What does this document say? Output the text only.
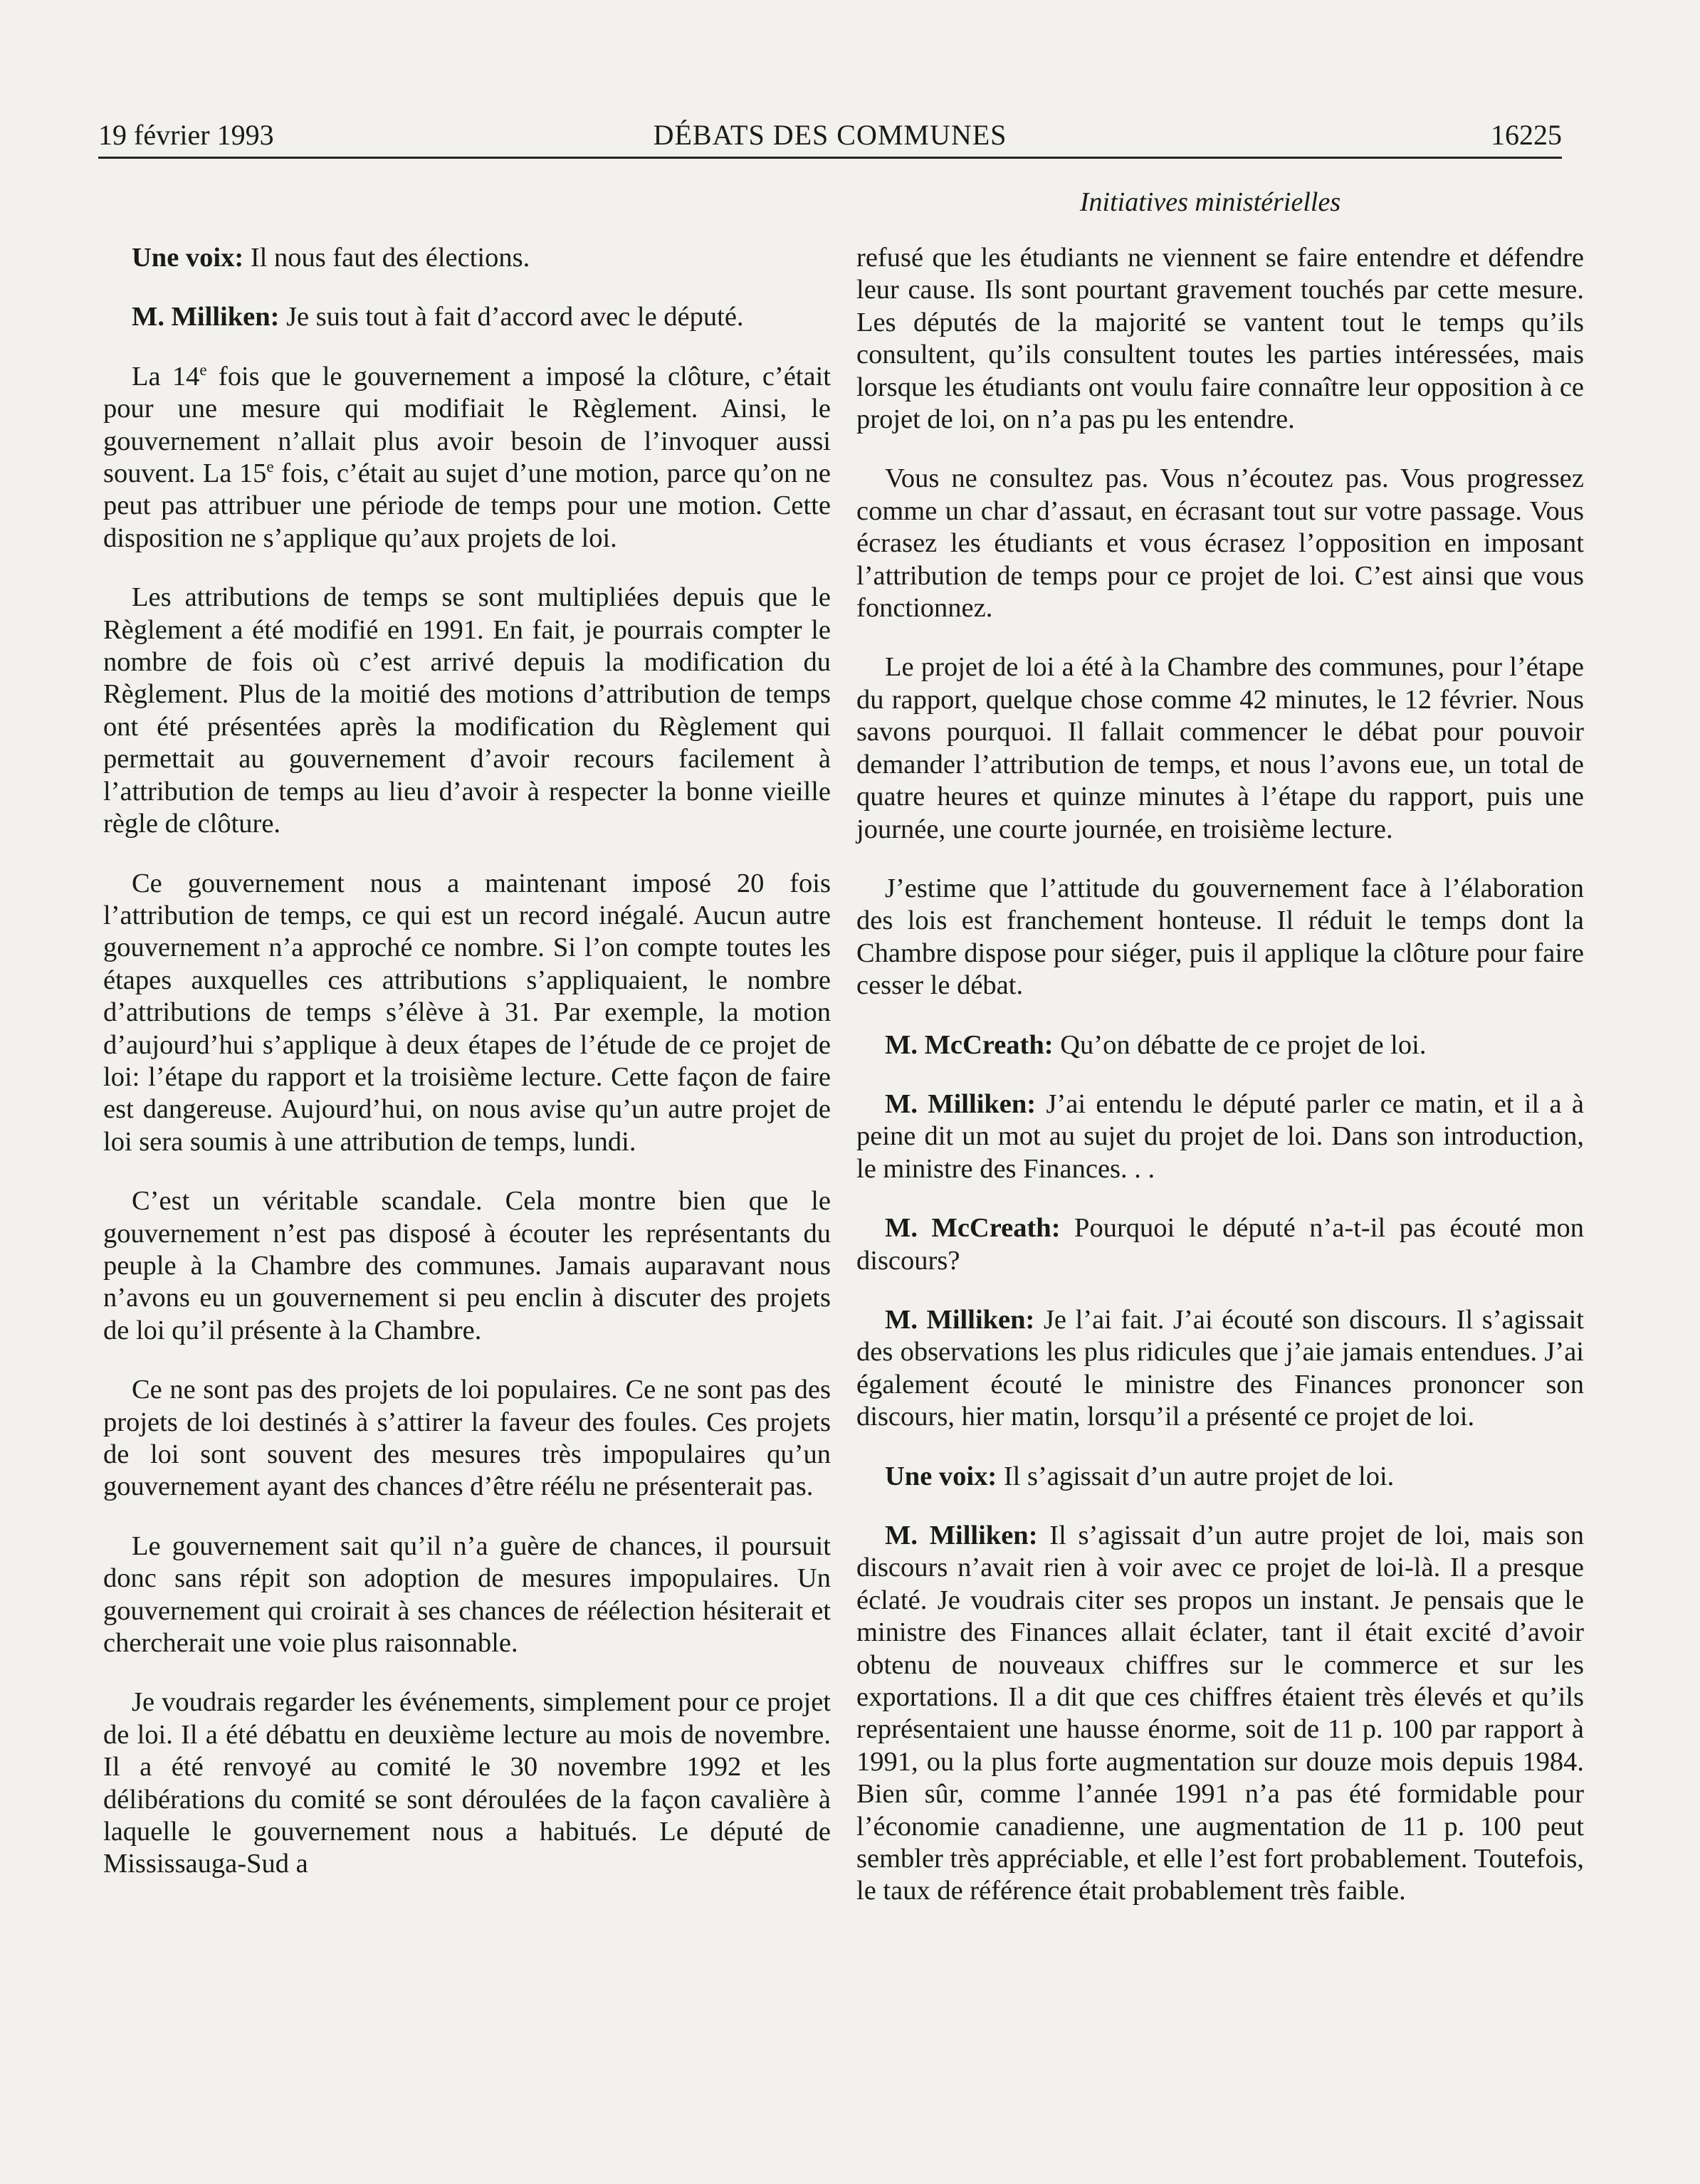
19 février 1993	DÉBATS DES COMMUNES	16225
Initiatives ministérielles

Une voix: Il nous faut des élections.

M. Milliken: Je suis tout à fait d’accord avec le député.

La 14e fois que le gouvernement a imposé la clôture, c’était pour une mesure qui modifiait le Règlement. Ainsi, le gouvernement n’allait plus avoir besoin de l’invoquer aussi souvent. La 15e fois, c’était au sujet d’une motion, parce qu’on ne peut pas attribuer une période de temps pour une motion. Cette disposition ne s’applique qu’aux projets de loi.

Les attributions de temps se sont multipliées depuis que le Règlement a été modifié en 1991. En fait, je pourrais compter le nombre de fois où c’est arrivé depuis la modification du Règlement. Plus de la moitié des motions d’attribution de temps ont été présentées après la modification du Règlement qui permettait au gouvernement d’avoir recours facilement à l’attribution de temps au lieu d’avoir à respecter la bonne vieille règle de clôture.

Ce gouvernement nous a maintenant imposé 20 fois l’attribution de temps, ce qui est un record inégalé. Aucun autre gouvernement n’a approché ce nombre. Si l’on compte toutes les étapes auxquelles ces attributions s’appliquaient, le nombre d’attributions de temps s’élève à 31. Par exemple, la motion d’aujourd’hui s’applique à deux étapes de l’étude de ce projet de loi: l’étape du rapport et la troisième lecture. Cette façon de faire est dangereuse. Aujourd’hui, on nous avise qu’un autre projet de loi sera soumis à une attribution de temps, lundi.

C’est un véritable scandale. Cela montre bien que le gouvernement n’est pas disposé à écouter les représentants du peuple à la Chambre des communes. Jamais auparavant nous n’avons eu un gouvernement si peu enclin à discuter des projets de loi qu’il présente à la Chambre.

Ce ne sont pas des projets de loi populaires. Ce ne sont pas des projets de loi destinés à s’attirer la faveur des foules. Ces projets de loi sont souvent des mesures très impopulaires qu’un gouvernement ayant des chances d’être réélu ne présenterait pas.

Le gouvernement sait qu’il n’a guère de chances, il poursuit donc sans répit son adoption de mesures impopulaires. Un gouvernement qui croirait à ses chances de réélection hésiterait et chercherait une voie plus raisonnable.

Je voudrais regarder les événements, simplement pour ce projet de loi. Il a été débattu en deuxième lecture au mois de novembre. Il a été renvoyé au comité le 30 novembre 1992 et les délibérations du comité se sont déroulées de la façon cavalière à laquelle le gouvernement nous a habitués. Le député de Mississauga-Sud a

refusé que les étudiants ne viennent se faire entendre et défendre leur cause. Ils sont pourtant gravement touchés par cette mesure. Les députés de la majorité se vantent tout le temps qu’ils consultent, qu’ils consultent toutes les parties intéressées, mais lorsque les étudiants ont voulu faire connaître leur opposition à ce projet de loi, on n’a pas pu les entendre.

Vous ne consultez pas. Vous n’écoutez pas. Vous progressez comme un char d’assaut, en écrasant tout sur votre passage. Vous écrasez les étudiants et vous écrasez l’opposition en imposant l’attribution de temps pour ce projet de loi. C’est ainsi que vous fonctionnez.

Le projet de loi a été à la Chambre des communes, pour l’étape du rapport, quelque chose comme 42 minutes, le 12 février. Nous savons pourquoi. Il fallait commencer le débat pour pouvoir demander l’attribution de temps, et nous l’avons eue, un total de quatre heures et quinze minutes à l’étape du rapport, puis une journée, une courte journée, en troisième lecture.

J’estime que l’attitude du gouvernement face à l’élaboration des lois est franchement honteuse. Il réduit le temps dont la Chambre dispose pour siéger, puis il applique la clôture pour faire cesser le débat.

M. McCreath: Qu’on débatte de ce projet de loi.

M. Milliken: J’ai entendu le député parler ce matin, et il a à peine dit un mot au sujet du projet de loi. Dans son introduction, le ministre des Finances. . .

M. McCreath: Pourquoi le député n’a-t-il pas écouté mon discours?

M. Milliken: Je l’ai fait. J’ai écouté son discours. Il s’agissait des observations les plus ridicules que j’aie jamais entendues. J’ai également écouté le ministre des Finances prononcer son discours, hier matin, lorsqu’il a présenté ce projet de loi.

Une voix: Il s’agissait d’un autre projet de loi.

M. Milliken: Il s’agissait d’un autre projet de loi, mais son discours n’avait rien à voir avec ce projet de loi-là. Il a presque éclaté. Je voudrais citer ses propos un instant. Je pensais que le ministre des Finances allait éclater, tant il était excité d’avoir obtenu de nouveaux chiffres sur le commerce et sur les exportations. Il a dit que ces chiffres étaient très élevés et qu’ils représentaient une hausse énorme, soit de 11 p. 100 par rapport à 1991, ou la plus forte augmentation sur douze mois depuis 1984. Bien sûr, comme l’année 1991 n’a pas été formidable pour l’économie canadienne, une augmentation de 11 p. 100 peut sembler très appréciable, et elle l’est fort probablement. Toutefois, le taux de référence était probablement très faible.
